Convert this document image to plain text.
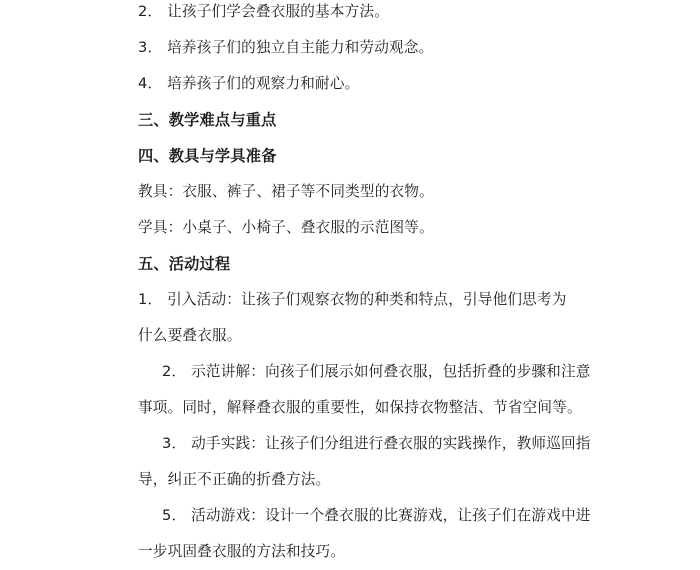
2． 让孩子们学会叠衣服的基本方法。
3． 培养孩子们的独立自主能力和劳动观念。
4． 培养孩子们的观察力和耐心。
三、教学难点与重点
四、教具与学具准备
教具：衣服、裤子、裙子等不同类型的衣物。
学具：小桌子、小椅子、叠衣服的示范图等。
五、活动过程
1． 引入活动：让孩子们观察衣物的种类和特点，引导他们思考为
什么要叠衣服。
2． 示范讲解：向孩子们展示如何叠衣服，包括折叠的步骤和注意
事项。同时，解释叠衣服的重要性，如保持衣物整洁、节省空间等。
3． 动手实践：让孩子们分组进行叠衣服的实践操作，教师巡回指
导，纠正不正确的折叠方法。
5． 活动游戏：设计一个叠衣服的比赛游戏，让孩子们在游戏中进
一步巩固叠衣服的方法和技巧。
